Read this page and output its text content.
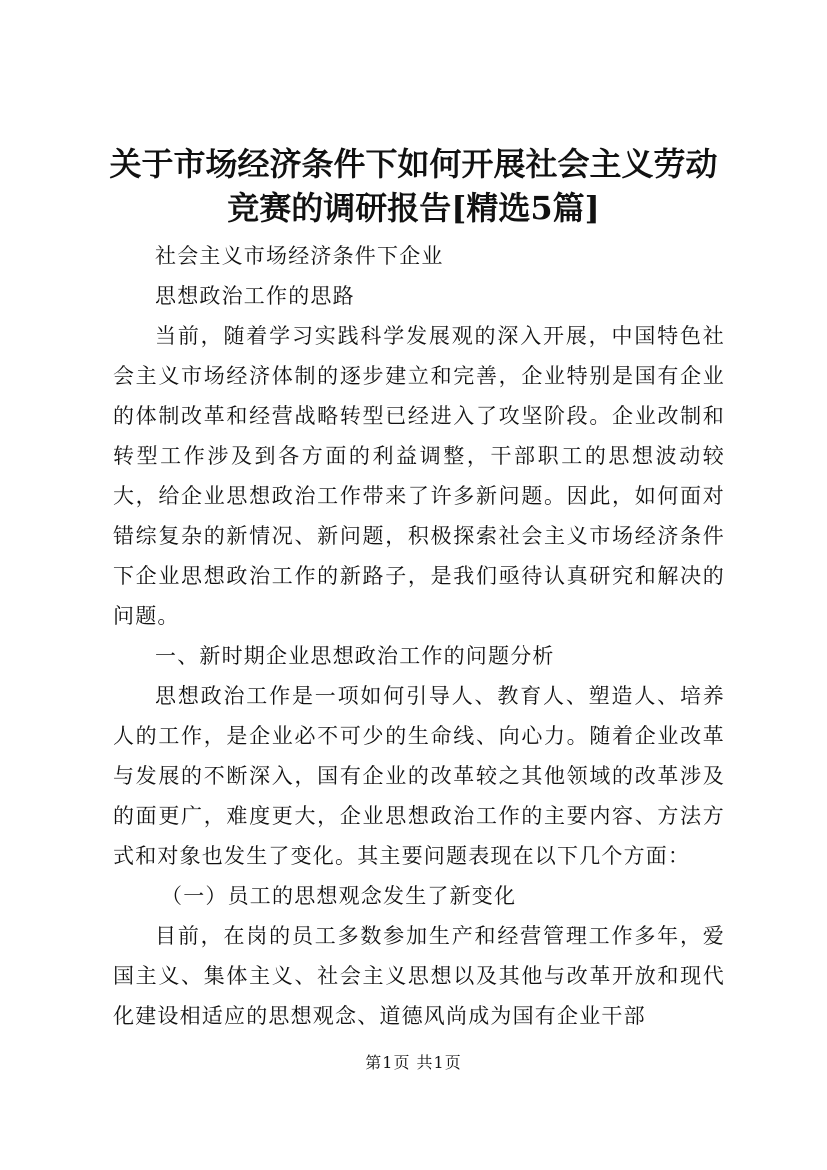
关于市场经济条件下如何开展社会主义劳动竞赛的调研报告[精选5篇]

社会主义市场经济条件下企业

思想政治工作的思路

当前，随着学习实践科学发展观的深入开展，中国特色社会主义市场经济体制的逐步建立和完善，企业特别是国有企业的体制改革和经营战略转型已经进入了攻坚阶段。企业改制和转型工作涉及到各方面的利益调整，干部职工的思想波动较大，给企业思想政治工作带来了许多新问题。因此，如何面对错综复杂的新情况、新问题，积极探索社会主义市场经济条件下企业思想政治工作的新路子，是我们亟待认真研究和解决的问题。

一、新时期企业思想政治工作的问题分析

思想政治工作是一项如何引导人、教育人、塑造人、培养人的工作，是企业必不可少的生命线、向心力。随着企业改革与发展的不断深入，国有企业的改革较之其他领域的改革涉及的面更广，难度更大，企业思想政治工作的主要内容、方法方式和对象也发生了变化。其主要问题表现在以下几个方面：

（一）员工的思想观念发生了新变化

目前，在岗的员工多数参加生产和经营管理工作多年，爱国主义、集体主义、社会主义思想以及其他与改革开放和现代化建设相适应的思想观念、道德风尚成为国有企业干部

第1页 共1页
